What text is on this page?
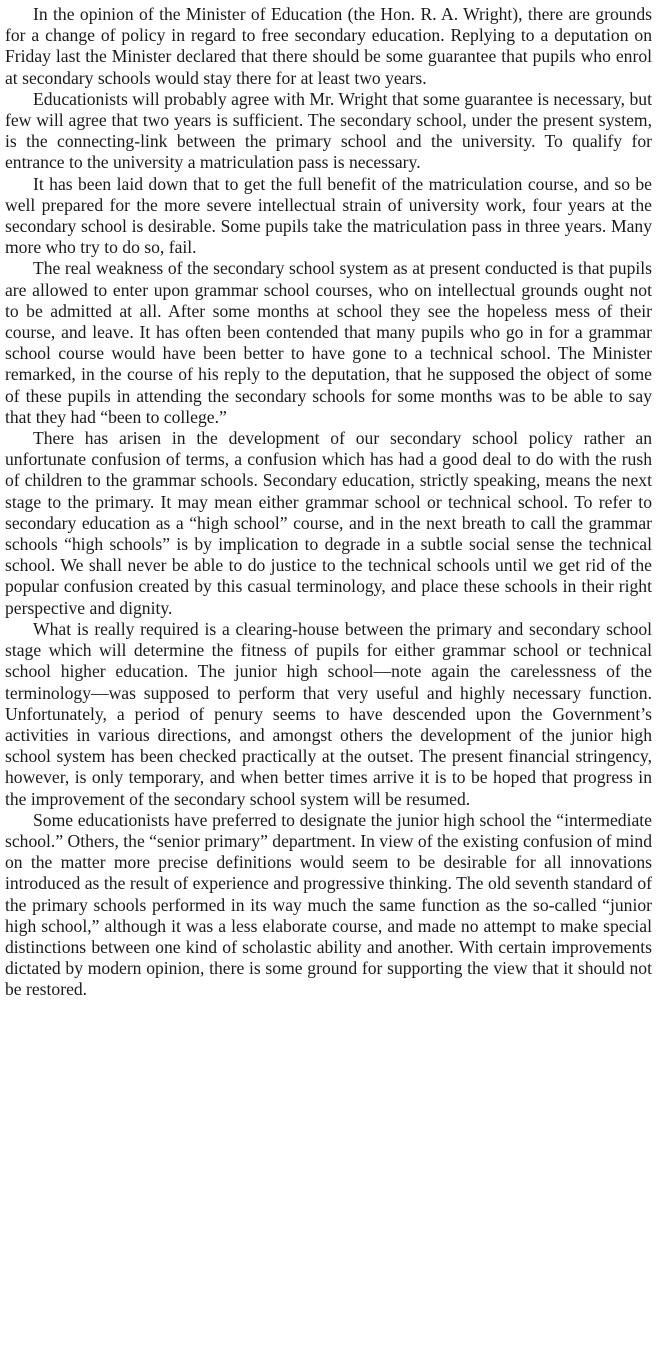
In the opinion of the Minister of Education (the Hon. R. A. Wright), there are grounds for a change of policy in regard to free secondary education. Replying to a deputation on Friday last the Minister declared that there should be some guarantee that pupils who enrol at secondary schools would stay there for at least two years.

Educationists will probably agree with Mr. Wright that some guarantee is necessary, but few will agree that two years is sufficient. The secondary school, under the present system, is the connecting-link between the primary school and the university. To qualify for entrance to the university a matriculation pass is necessary.

It has been laid down that to get the full benefit of the matriculation course, and so be well prepared for the more severe intellectual strain of university work, four years at the secondary school is desirable. Some pupils take the matriculation pass in three years. Many more who try to do so, fail.

The real weakness of the secondary school system as at present conducted is that pupils are allowed to enter upon grammar school courses, who on intellectual grounds ought not to be admitted at all. After some months at school they see the hopeless mess of their course, and leave. It has often been contended that many pupils who go in for a grammar school course would have been better to have gone to a technical school. The Minister remarked, in the course of his reply to the deputation, that he supposed the object of some of these pupils in attending the secondary schools for some months was to be able to say that they had “been to college.”

There has arisen in the development of our secondary school policy rather an unfortunate confusion of terms, a confusion which has had a good deal to do with the rush of children to the grammar schools. Secondary education, strictly speaking, means the next stage to the primary. It may mean either grammar school or technical school. To refer to secondary education as a “high school” course, and in the next breath to call the grammar schools “high schools” is by implication to degrade in a subtle social sense the technical school. We shall never be able to do justice to the technical schools until we get rid of the popular confusion created by this casual terminology, and place these schools in their right perspective and dignity.

What is really required is a clearing-house between the primary and secondary school stage which will determine the fitness of pupils for either grammar school or technical school higher education. The junior high school—note again the carelessness of the terminology—was supposed to perform that very useful and highly necessary function. Unfortunately, a period of penury seems to have descended upon the Government’s activities in various directions, and amongst others the development of the junior high school system has been checked practically at the outset. The present financial stringency, however, is only temporary, and when better times arrive it is to be hoped that progress in the improvement of the secondary school system will be resumed.

Some educationists have preferred to designate the junior high school the “intermediate school.” Others, the “senior primary” department. In view of the existing confusion of mind on the matter more precise definitions would seem to be desirable for all innovations introduced as the result of experience and progressive thinking. The old seventh standard of the primary schools performed in its way much the same function as the so-called “junior high school,” although it was a less elaborate course, and made no attempt to make special distinctions between one kind of scholastic ability and another. With certain improvements dictated by modern opinion, there is some ground for supporting the view that it should not be restored.
